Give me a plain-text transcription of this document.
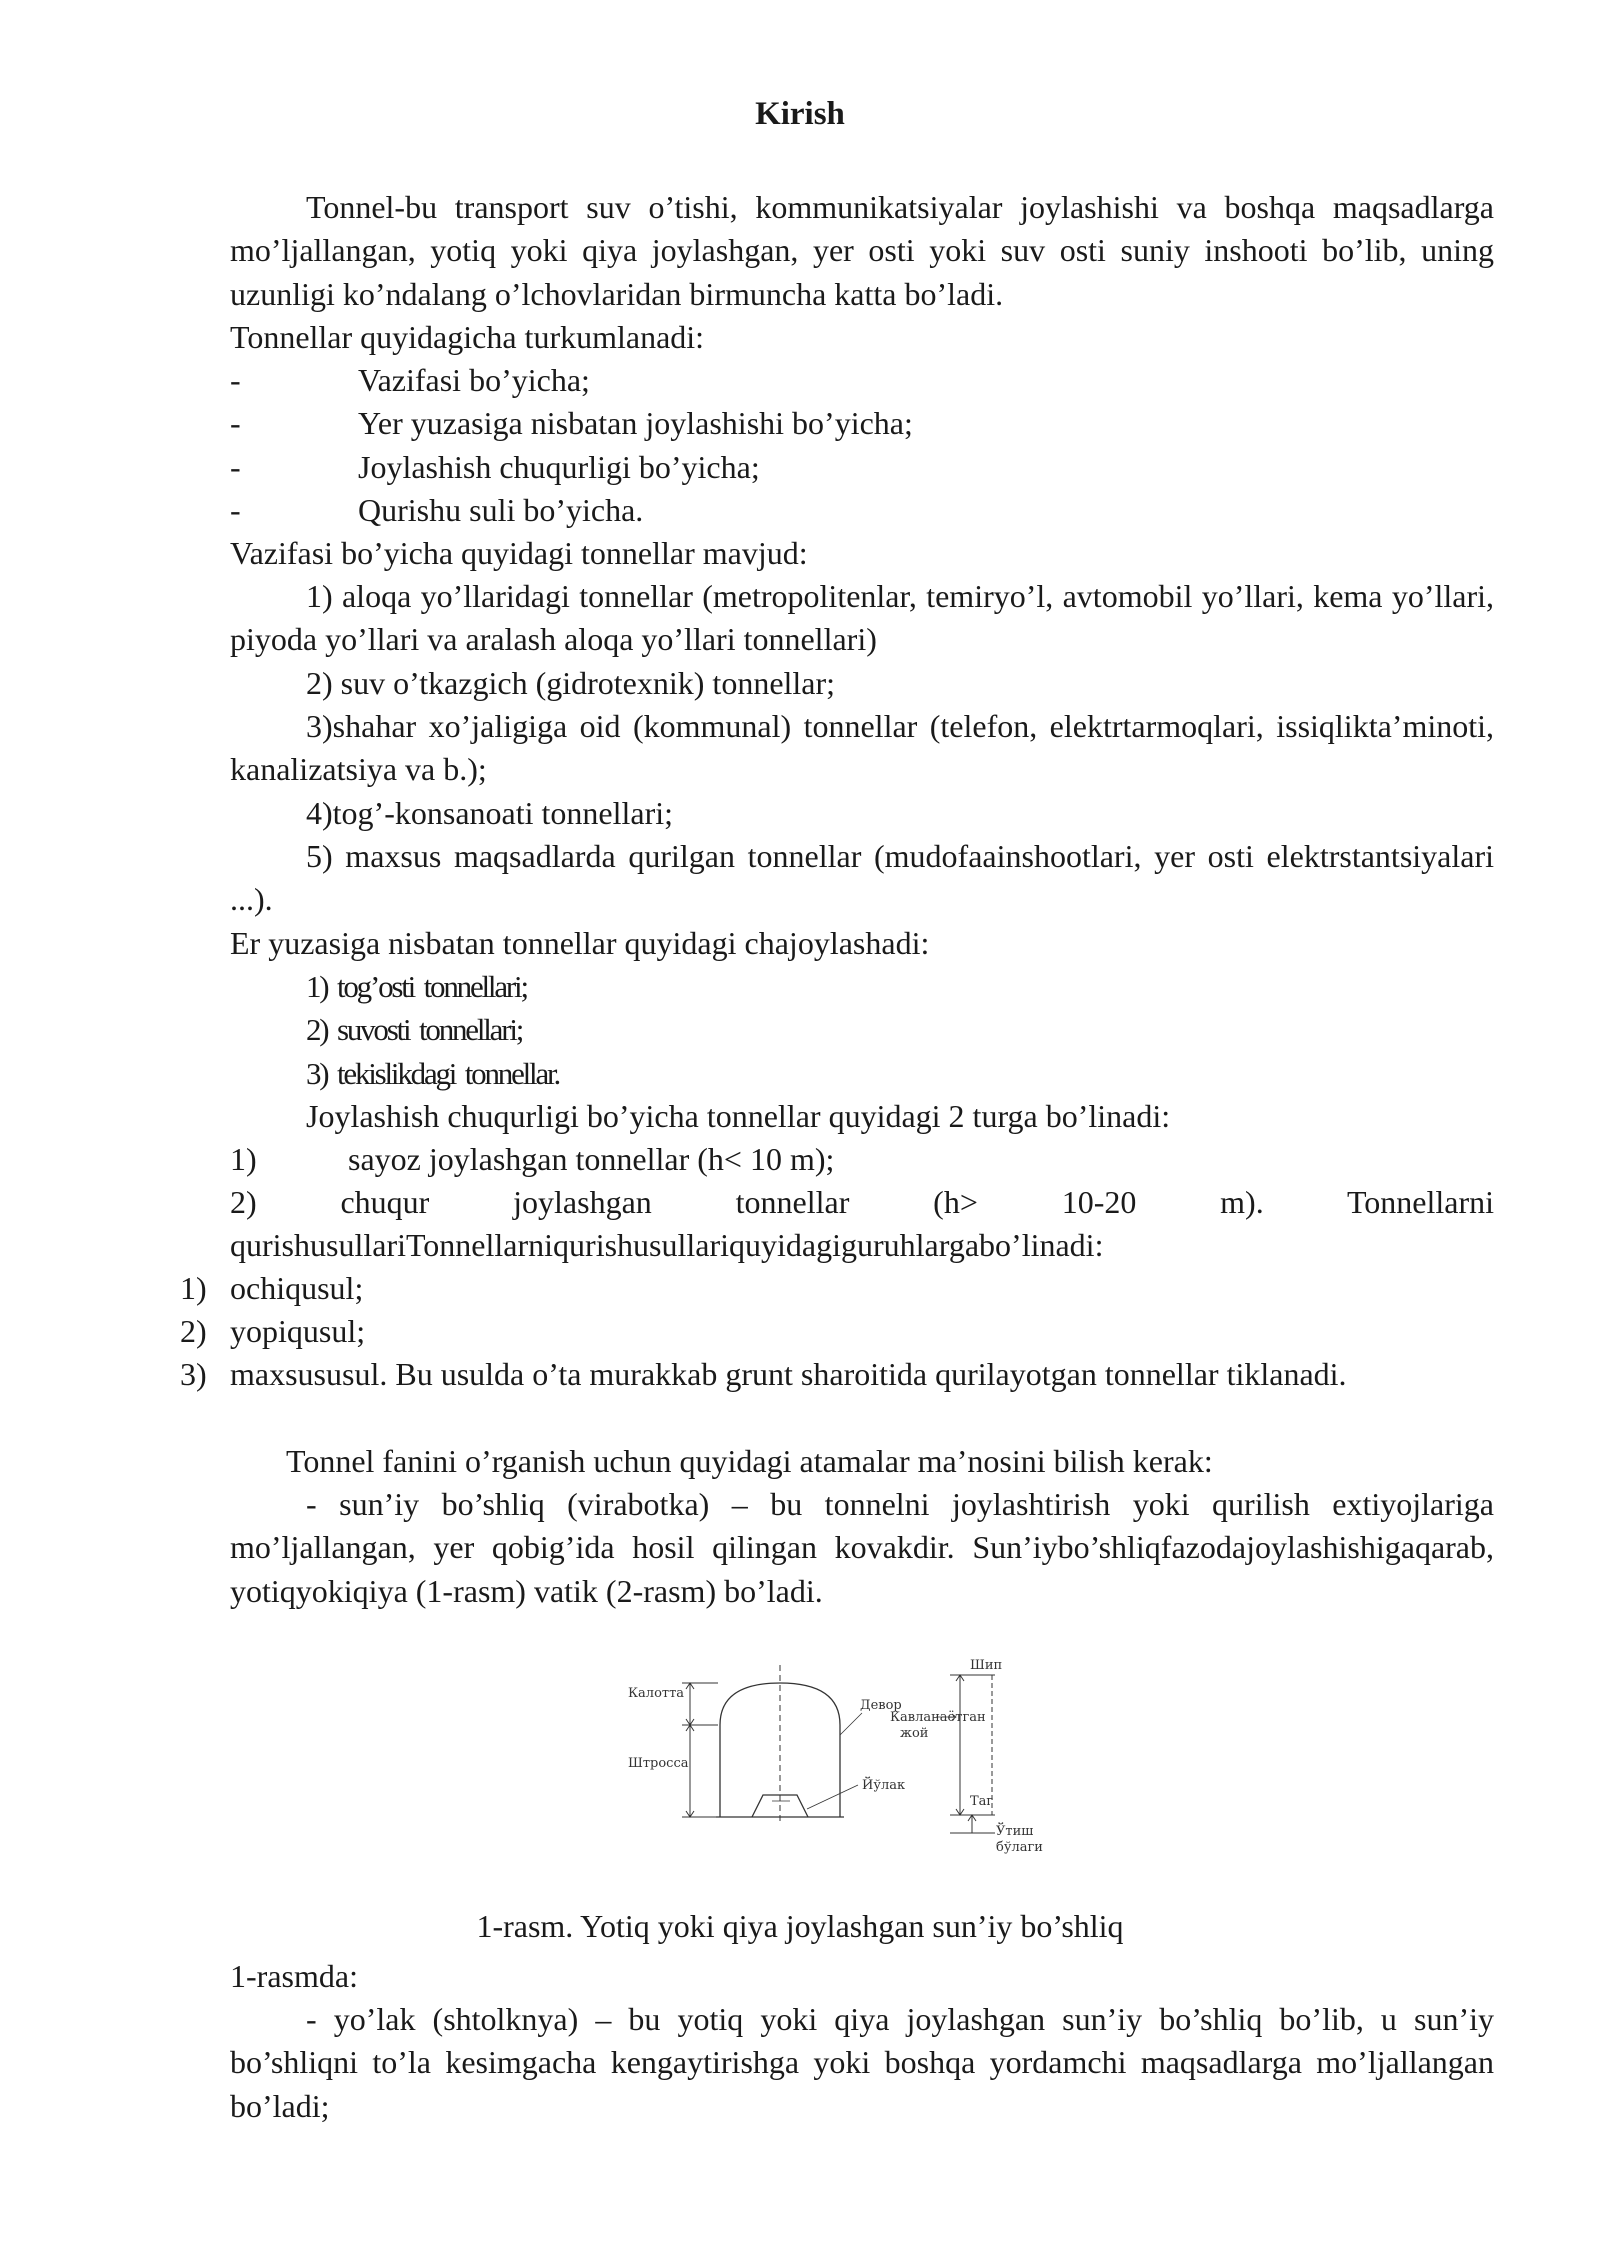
Kirish
Tonnel-bu transport suv o’tishi, kommunikatsiyalar joylashishi va boshqa maqsadlarga mo’ljallangan, yotiq yoki qiya joylashgan, yer osti yoki suv osti suniy inshooti bo’lib, uning uzunligi ko’ndalang o’lchovlaridan birmuncha katta bo’ladi.
Tonnellar quyidagicha turkumlanadi:
-	Vazifasi bo’yicha;
-	Yer yuzasiga nisbatan joylashishi bo’yicha;
-	Joylashish chuqurligi bo’yicha;
-	Qurishu suli bo’yicha.
Vazifasi bo’yicha quyidagi tonnellar mavjud:
1) aloqa yo’llaridagi tonnellar (metropolitenlar, temiryo’l, avtomobil yo’llari, kema yo’llari, piyoda yo’llari va aralash aloqa yo’llari tonnellari)
2) suv o’tkazgich (gidrotexnik) tonnellar;
3)shahar xo’jaligiga oid (kommunal) tonnellar (telefon, elektrtarmoqlari, issiqlikta’minoti, kanalizatsiya va b.);
4)tog’-konsanoati tonnellari;
5) maxsus maqsadlarda qurilgan tonnellar (mudofaainshootlari, yer osti elektrstantsiyalari ...).
Er yuzasiga nisbatan tonnellar quyidagi chajoylashadi:
1) tog’osti tonnellari;
2) suvosti tonnellari;
3) tekislikdagi tonnellar.
Joylashish chuqurligi bo’yicha tonnellar quyidagi 2 turga bo’linadi:
1)	sayoz joylashgan tonnellar (h< 10 m);
2) chuqur joylashgan tonnellar (h> 10-20 m). Tonnellarni
qurishusullariTonnellarniqurishusullariquyidagiguruhlargabo’linadi:
1) ochiqusul;
2) yopiqusul;
3) maxsususul. Bu usulda o’ta murakkab grunt sharoitida qurilayotgan tonnellar tiklanadi.
Tonnel fanini o’rganish uchun quyidagi atamalar ma’nosini bilish kerak:
- sun’iy bo’shliq (virabotka) – bu tonnelni joylashtirish yoki qurilish extiyojlariga mo’ljallangan, yer qobig’ida hosil qilingan kovakdir. Sun’iybo’shliqfazodajoylashishigaqarab, yotiqyokiqiya (1-rasm) vatik (2-rasm) bo’ladi.
Калотта
Девор
Штросса
Йўлак
Шип
Кавланаётган
жой
Таг
Ўтиш
бўлаги
1-rasm. Yotiq yoki qiya joylashgan sun’iy bo’shliq
1-rasmda:
- yo’lak (shtolknya) – bu yotiq yoki qiya joylashgan sun’iy bo’shliq bo’lib, u sun’iy bo’shliqni to’la kesimgacha kengaytirishga yoki boshqa yordamchi maqsadlarga mo’ljallangan bo’ladi;
